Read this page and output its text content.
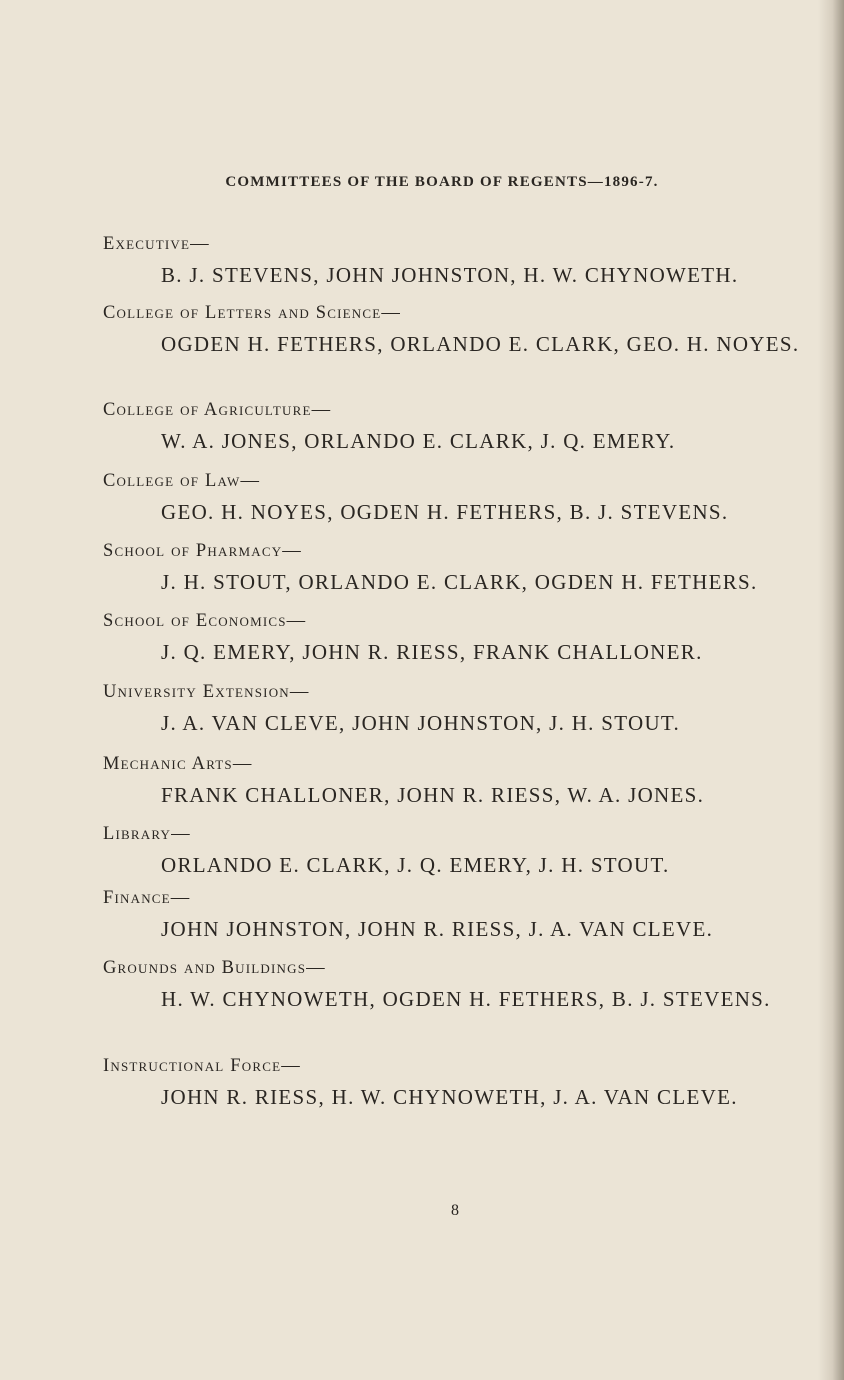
COMMITTEES OF THE BOARD OF REGENTS—1896-7.

Executive—

B. J. STEVENS, JOHN JOHNSTON, H. W. CHYNOWETH.

College of Letters and Science—

OGDEN H. FETHERS, ORLANDO E. CLARK, GEO. H. NOYES.

College of Agriculture—

W. A. JONES, ORLANDO E. CLARK, J. Q. EMERY.

College of Law—

GEO. H. NOYES, OGDEN H. FETHERS, B. J. STEVENS.

School of Pharmacy—

J. H. STOUT, ORLANDO E. CLARK, OGDEN H. FETHERS.

School of Economics—

J. Q. EMERY, JOHN R. RIESS, FRANK CHALLONER.

University Extension—

J. A. VAN CLEVE, JOHN JOHNSTON, J. H. STOUT.

Mechanic Arts—

FRANK CHALLONER, JOHN R. RIESS, W. A. JONES.

Library—

ORLANDO E. CLARK, J. Q. EMERY, J. H. STOUT.

Finance—

JOHN JOHNSTON, JOHN R. RIESS, J. A. VAN CLEVE.

Grounds and Buildings—

H. W. CHYNOWETH, OGDEN H. FETHERS, B. J. STEVENS.

Instructional Force—

JOHN R. RIESS, H. W. CHYNOWETH, J. A. VAN CLEVE.
8
